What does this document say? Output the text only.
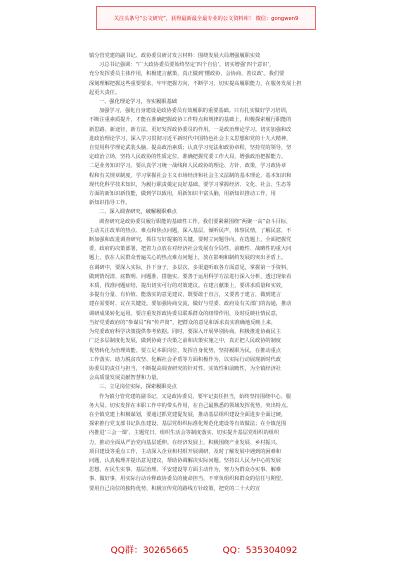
关注头条号“公文研究”，获得最新最全最专业的公文资料库！ 微信：gongwen9
镇分管党建的副书记、政协委员研讨发言材料：围绕发展大局增强履职实效
习总书记强调：“广大政协委员要始终坚定‘四个自信’，切实增强‘四个意识’，
充分发挥委员主体作用，积极建言献策，真正做到‘懂政协、会协商、善议政’。我们要
深刻理解把握这些重要要求，牢牢把握方向，不断学习，切实提高履职能力，在服务发展上担
起更大责任。
一、强化理论学习，夯实履职基础
加强学习，强化自身建设是政协委员有效履职的重要基础。只有扎实做好学习培训，
不断注重素质提升，才能在准确把握政协工作特点和规律的基础上，积极探索履行职能的
新思路、新途径，新方法，更好发挥政协委员的作用。一是政治理论学习。切实加强和改
进政治理论学习，深入学习贯彻习近平新时代中国特色社会主义思想和党的十九大精神，
自觉用科学理论武装头脑，提高政治素质；认真学习宪法和政协章程，坚持党的领导，坚
定政治立场，坚持人民政协的性质定位，准确把握党委工作大局，增强政治把握能力。
二是业务知识学习。要认真学习统一战线和人民政协的理论、方针、政策，学习政协章
程和有关规章制度，学习掌握社会主义市场经济和社会主义法制的基本理论，基本知识和
现代化科学技术知识，为履行职责奠定良好基础。要学习掌握经济、文化、社会、生态等
方面的新知识新技能，做到学以致用，用新知识丰富头脑，用新知识推动工作，用
新知识指导工作。
二、深入调查研究，破解履职难点
调查研究是政协委员履行职能的基础性工作。我们要紧紧围绕“两聚一高”奋斗目标，
主动关注改革的热点、难点和焦点问题，深入基层，倾听民声，体察民情，了解民意，不
断加强和改进调查研究，抓住写好提案的关键。要树立问题导向，在选题上，全面把握党
委、政府的决策部署，把着力点放在对经济社会发展有全局性、前瞻性、战略性的重大问
题上，放在人民群众普遍关心的热点难点问题上，放在影响和制约发展的突出矛盾上。
在调研中，要深入实际，扑下身子，多层次、多渠道听取各方面意见，掌握第一手资料，
做到情况清、底数明、问题准、措施实。要善于运用科学方法进行深入分析，透过现象看
本质，找准问题症结，提出切实可行的对策建议。在建言献策上，要讲求质量和实效，
多提有分量、有价值、能落实的意见建议，既要敢于直言，又要善于建言，做到建言
建在需要时、议在关键处。要加强协商交流，做好与党委、政府及有关部门的沟通，推动
调研成果转化运用。要注重发挥政协委员联系群众的纽带作用，及时反映社情民意，
当好党委政府的“参谋员”和“传声筒”，把群众的意见和诉求真实准确地反映上来，
为党委政府科学决策提供参考依据。同时，要深入开展界别协商，积极推进协商民主
广泛多层制度化发展，做到协商于决策之前和决策实施之中，真正把人民政协的制度
优势转化为治理效能。要立足本职岗位，发挥自身优势，坚持履职为民，在推动重点
工作落实、助力脱贫攻坚、化解社会矛盾等方面积极作为，以实际行动展现新时代政
协委员的责任与担当，不断提高调查研究的针对性、实效性和前瞻性，为全镇经济社
会高质量发展贡献智慧和力量。
三、立足岗位实际，探索履职亮点
作为镇分管党建的副书记，又是政协委员，要牢记责任担当，始终坚持围绕中心、服
务大局。切实发挥在本职工作中的带头作用，在自己最熟悉的领域发挥优势，突出特点。
在全镇党建上积极谋划，要通过抓党建促发展，推动基层组织建设全面进步全面过硬，
探索推行党支部书记队伍建设、基层党组织标准化规范化建设等有效做法；在全镇范围
内推进‘三会一课’、主题党日、组织生活会等制度落实，切实提升基层党组织的组织
力，推动全面从严治党向基层延伸。在经济发展上，积极围绕产业发展、乡村振兴、
项目建设等重点工作，主动深入企业和村组开展调研，及时了解发展中遇到的困难和
问题，认真梳理并提出意见建议，帮助协调解决实际问题。坚持以人民为中心的发展
思想，在民生实事、基层治理、平安建设等方面主动作为，努力为群众办实事、解难
事、做好事，用实际行动诠释政协委员的使命担当，不辜负组织和群众的信任与期望。
要用自己岗位的独特优势，积极宣传党的路线方针政策，把党的二十大的宣
QQ群：30265665	QQ：535304092
